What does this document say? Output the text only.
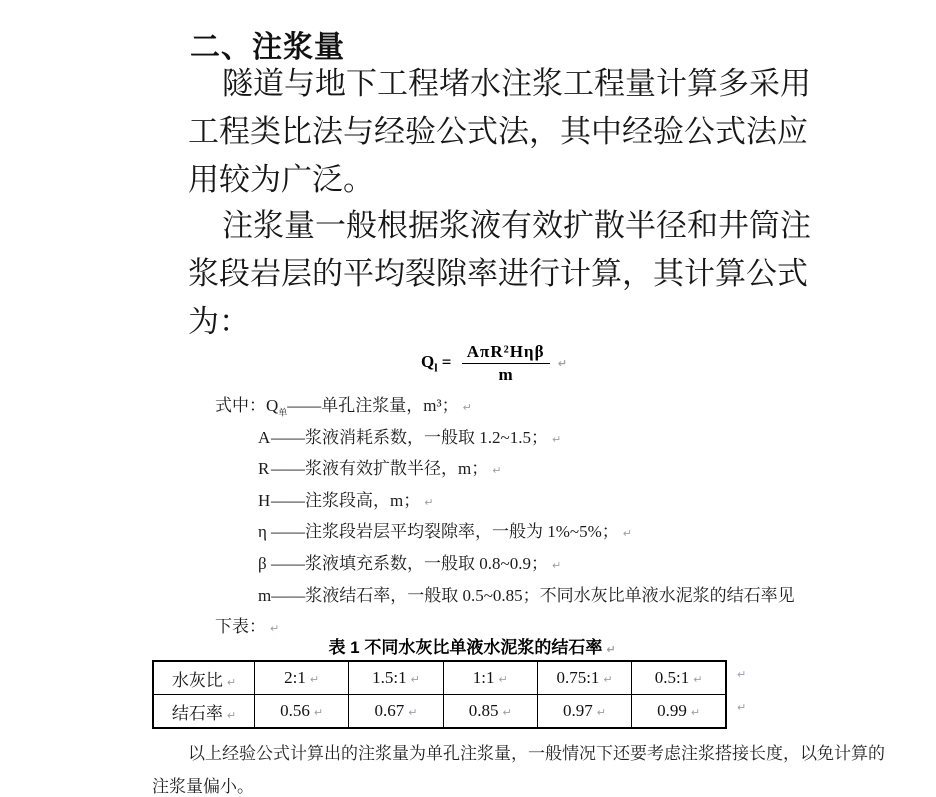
二、注浆量
隧道与地下工程堵水注浆工程量计算多采用工程类比法与经验公式法，其中经验公式法应用较为广泛。
注浆量一般根据浆液有效扩散半径和井筒注浆段岩层的平均裂隙率进行计算，其计算公式为：
$Q_l = \frac{\text{AπR²Hηβ}}{m}$ ↵
式中：$Q_单——$单孔注浆量，m³； ↵
A——浆液消耗系数，一般取 1.2~1.5； ↵
R——浆液有效扩散半径，m； ↵
H——注浆段高，m； ↵
η ——注浆段岩层平均裂隙率，一般为 1%~5%； ↵
β ——浆液填充系数，一般取 0.8~0.9； ↵
m——浆液结石率，一般取 0.5~0.85；不同水灰比单液水泥浆的结石率见
下表： ↵
表 1 不同水灰比单液水泥浆的结石率 ↵
水灰比 ↵	2:1 ↵	1.5:1 ↵	1:1 ↵	0.75:1 ↵	0.5:1 ↵
结石率 ↵	0.56 ↵	0.67 ↵	0.85 ↵	0.97 ↵	0.99 ↵
↵
↵
以上经验公式计算出的注浆量为单孔注浆量，一般情况下还要考虑注浆搭接长度，以免计算的注浆量偏小。
